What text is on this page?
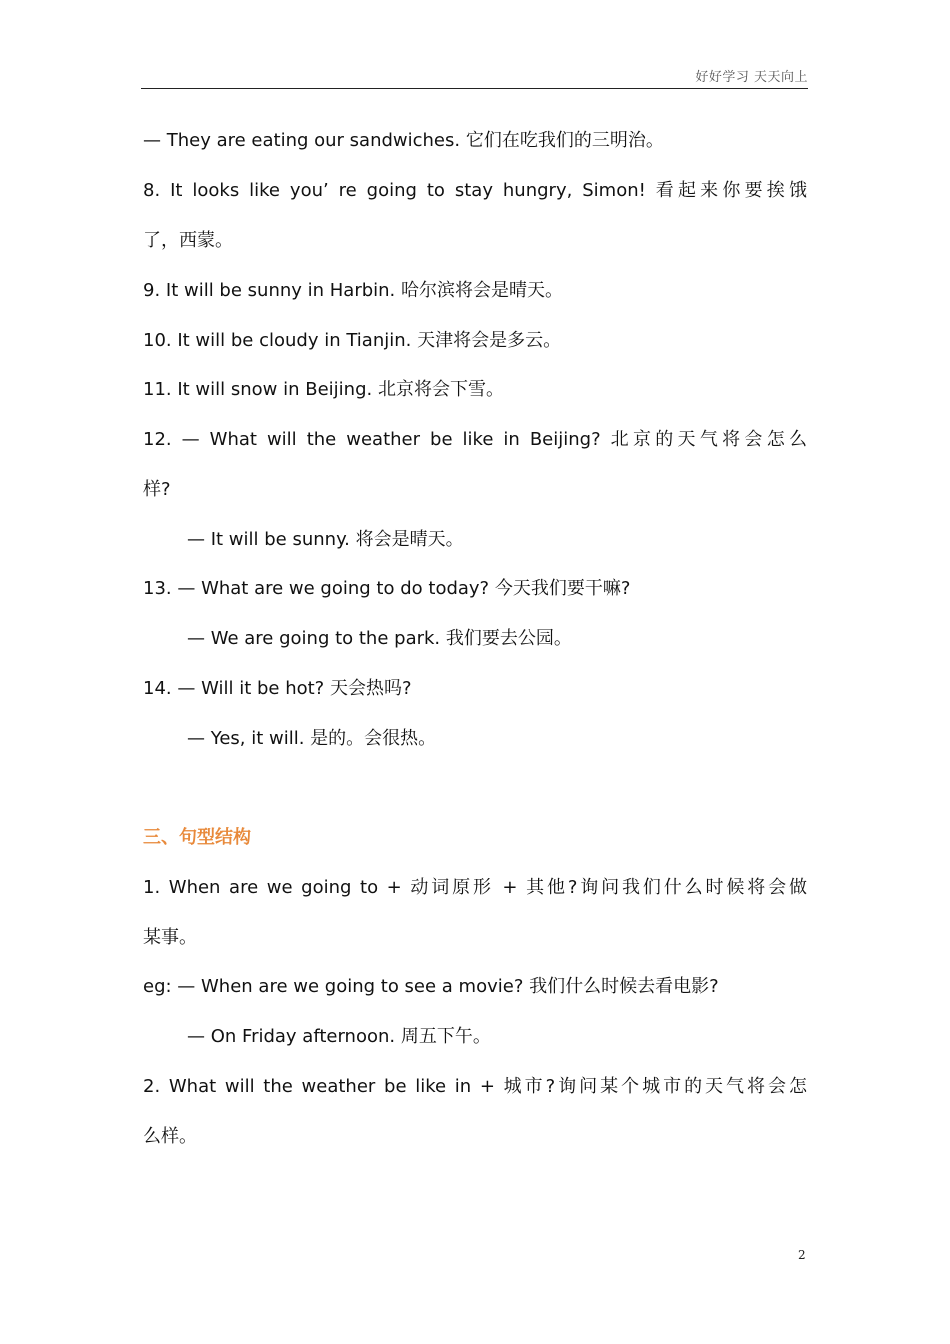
好好学习 天天向上
— They are eating our sandwiches. 它们在吃我们的三明治。
8. It looks like you’ re going to stay hungry, Simon! 看起来你要挨饿
了，西蒙。
9. It will be sunny in Harbin. 哈尔滨将会是晴天。
10. It will be cloudy in Tianjin. 天津将会是多云。
11. It will snow in Beijing. 北京将会下雪。
12. — What will the weather be like in Beijing? 北京的天气将会怎么
样?
— It will be sunny. 将会是晴天。
13. — What are we going to do today? 今天我们要干嘛?
— We are going to the park. 我们要去公园。
14. — Will it be hot? 天会热吗?
— Yes, it will. 是的。会很热。
三、句型结构
1. When are we going to + 动词原形 + 其他?询问我们什么时候将会做
某事。
eg: — When are we going to see a movie? 我们什么时候去看电影?
— On Friday afternoon. 周五下午。
2. What will the weather be like in + 城市?询问某个城市的天气将会怎
么样。
2
